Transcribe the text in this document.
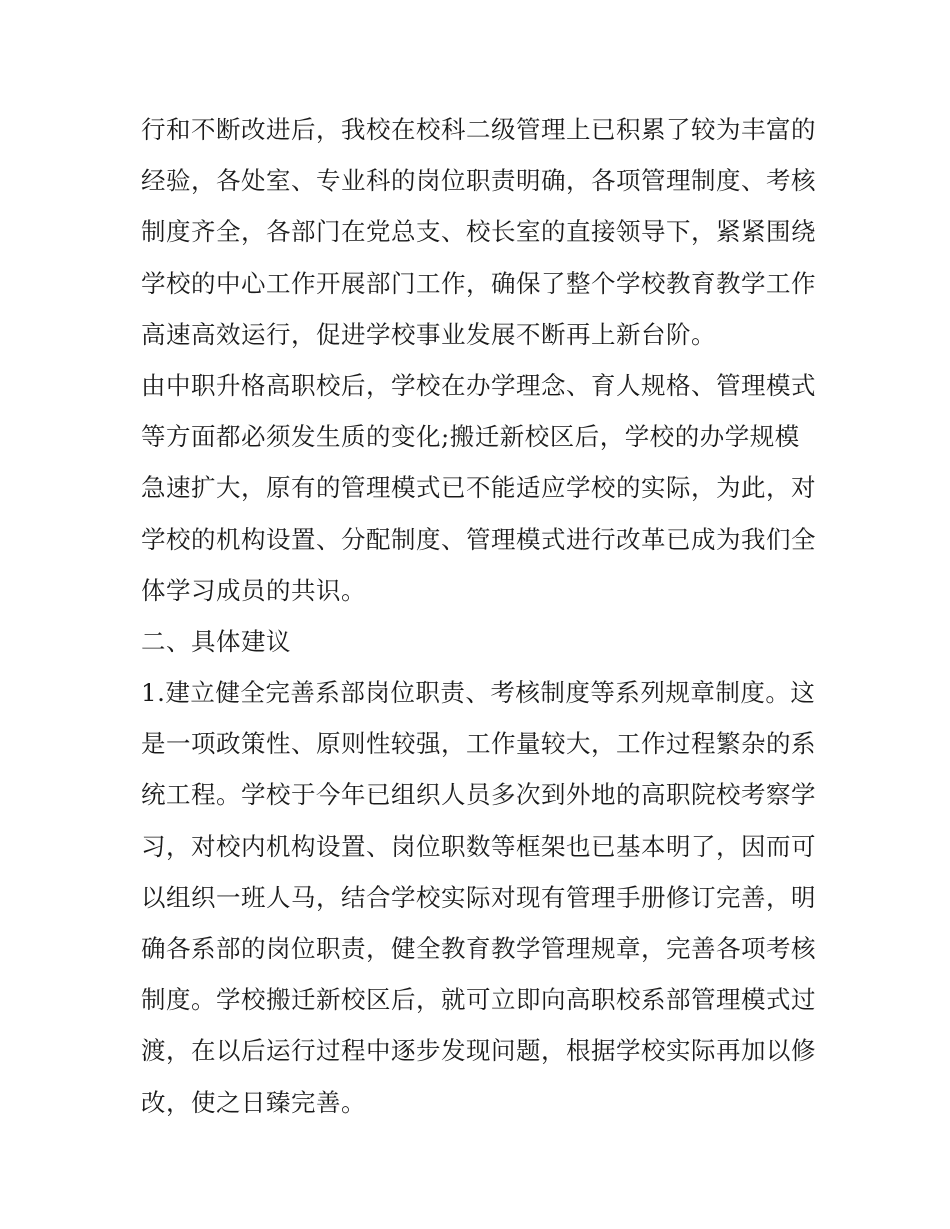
行和不断改进后，我校在校科二级管理上已积累了较为丰富的
经验，各处室、专业科的岗位职责明确，各项管理制度、考核
制度齐全，各部门在党总支、校长室的直接领导下，紧紧围绕
学校的中心工作开展部门工作，确保了整个学校教育教学工作
高速高效运行，促进学校事业发展不断再上新台阶。
由中职升格高职校后，学校在办学理念、育人规格、管理模式
等方面都必须发生质的变化;搬迁新校区后，学校的办学规模
急速扩大，原有的管理模式已不能适应学校的实际，为此，对
学校的机构设置、分配制度、管理模式进行改革已成为我们全
体学习成员的共识。
二、具体建议
1.建立健全完善系部岗位职责、考核制度等系列规章制度。这
是一项政策性、原则性较强，工作量较大，工作过程繁杂的系
统工程。学校于今年已组织人员多次到外地的高职院校考察学
习，对校内机构设置、岗位职数等框架也已基本明了，因而可
以组织一班人马，结合学校实际对现有管理手册修订完善，明
确各系部的岗位职责，健全教育教学管理规章，完善各项考核
制度。学校搬迁新校区后，就可立即向高职校系部管理模式过
渡，在以后运行过程中逐步发现问题，根据学校实际再加以修
改，使之日臻完善。
